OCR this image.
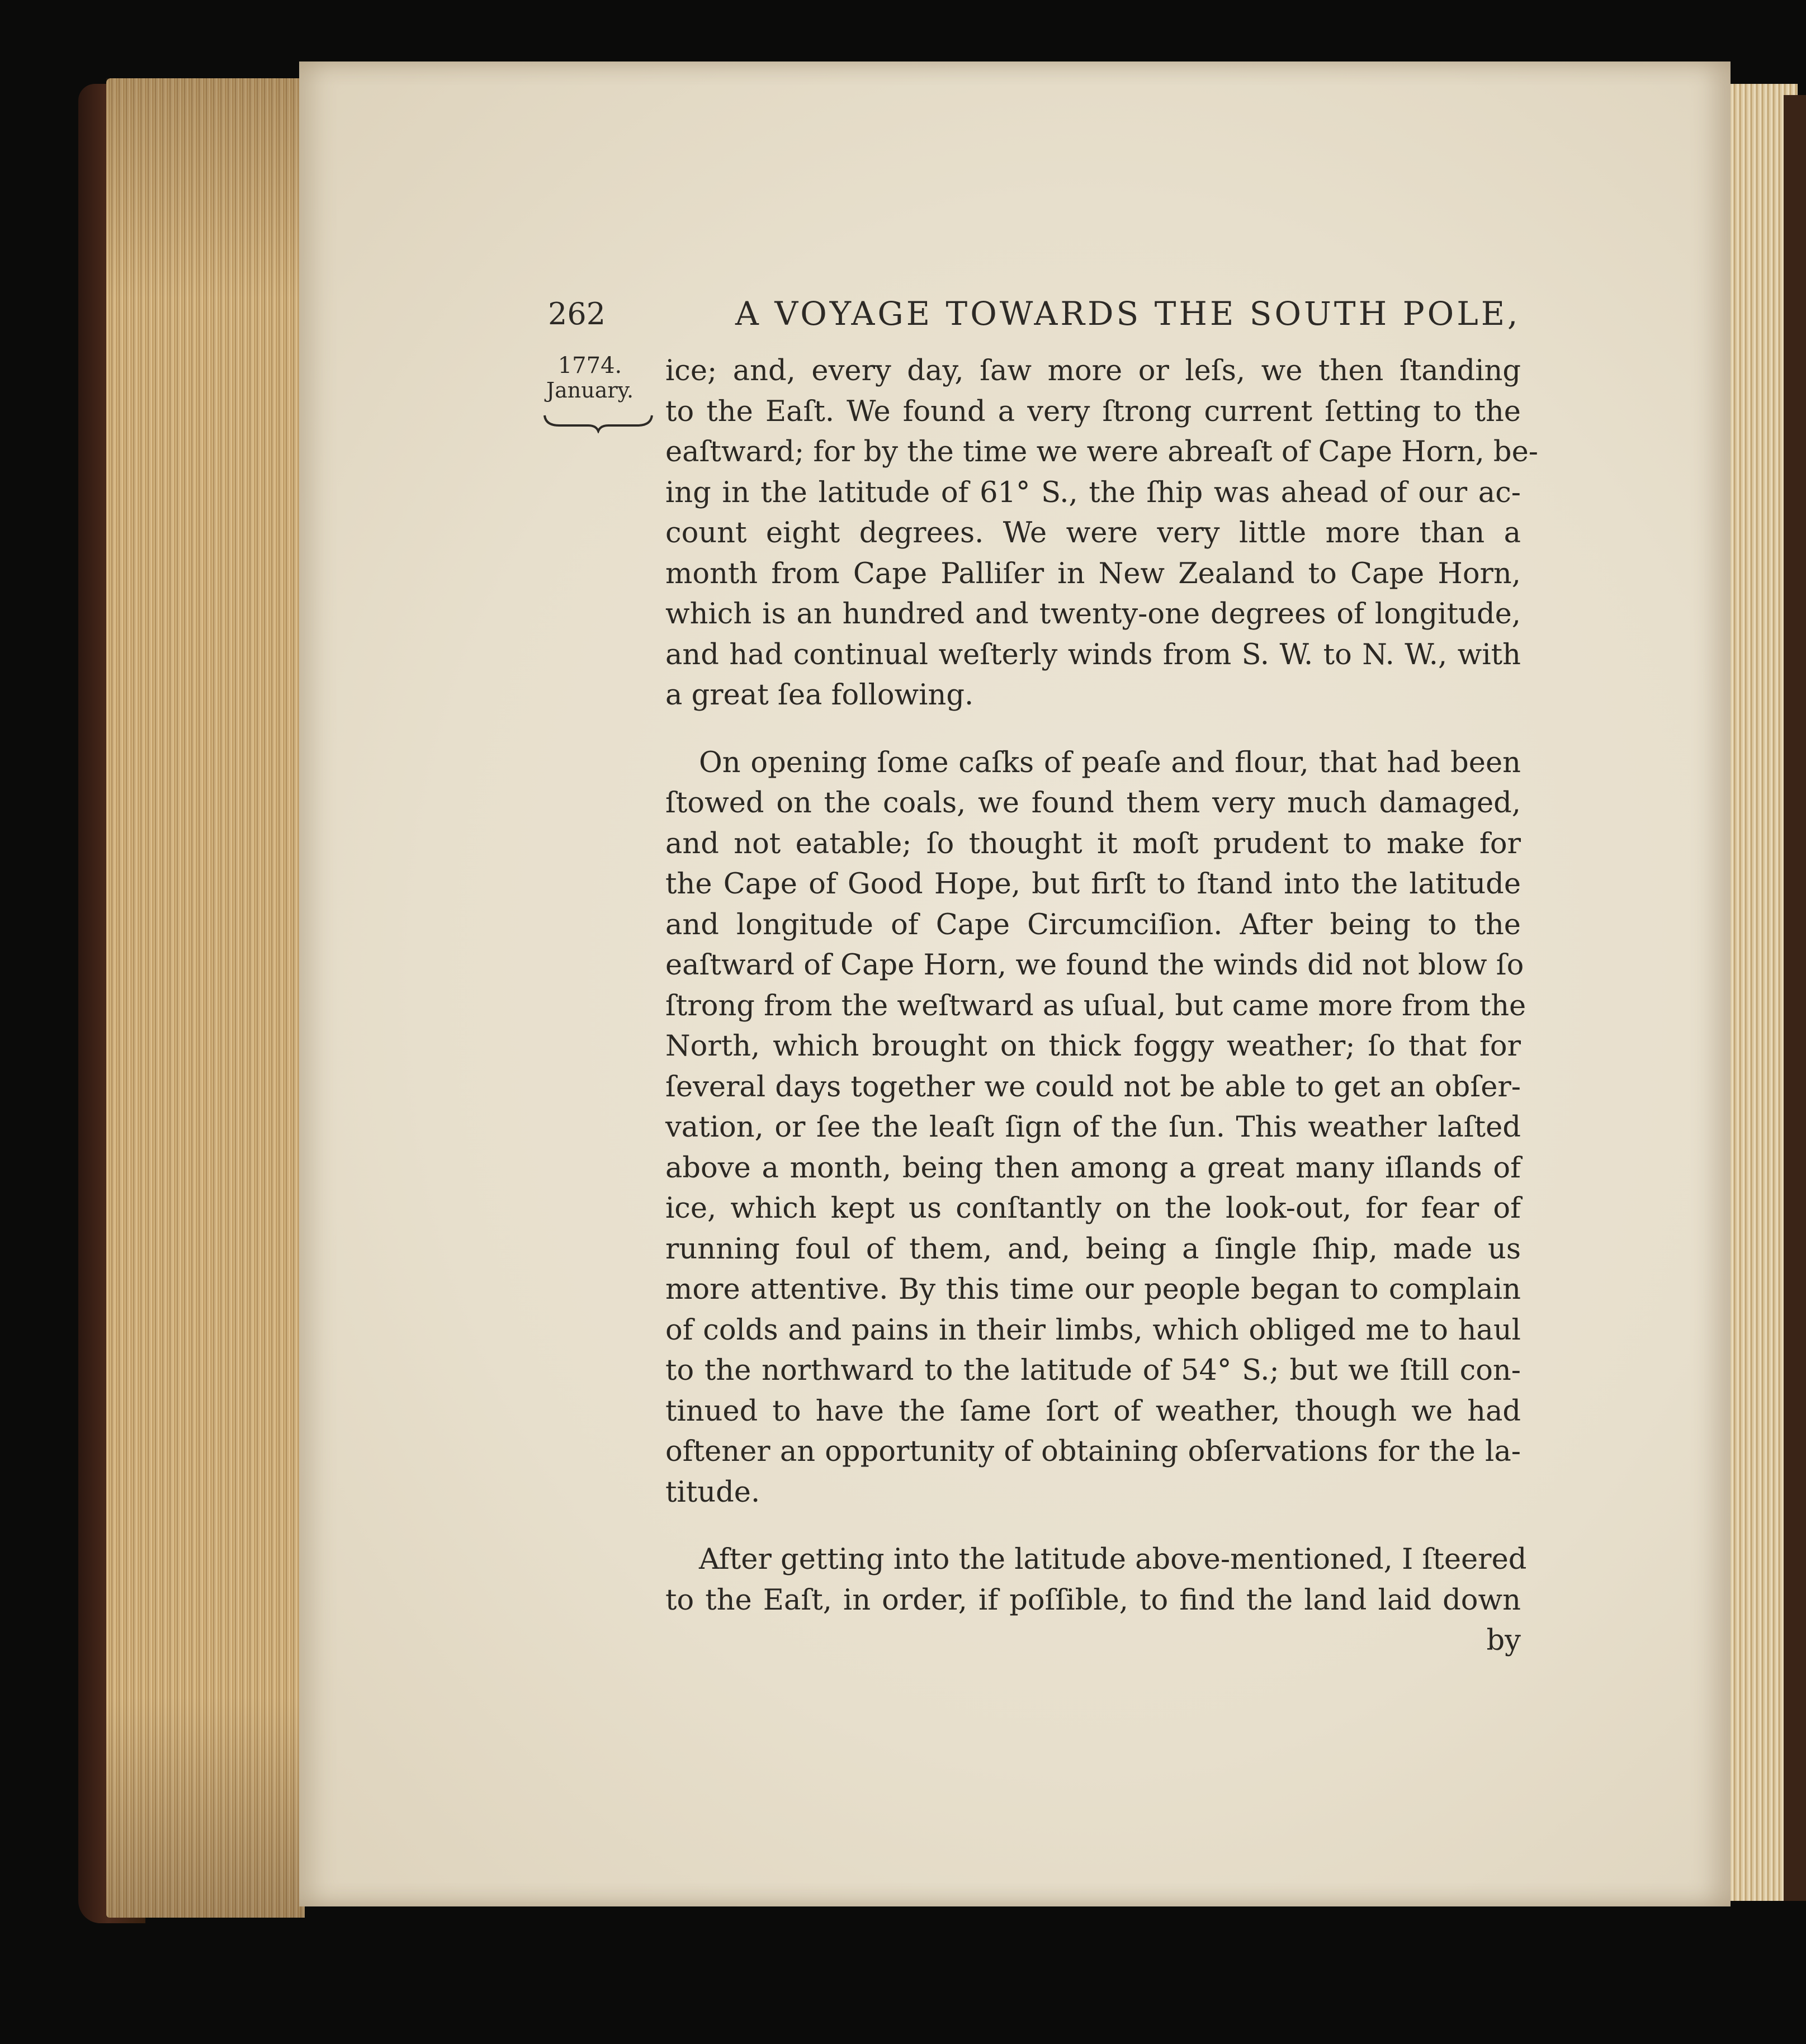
262	A VOYAGE TOWARDS THE SOUTH POLE,
1774.
January.
ice; and, every day, ſaw more or leſs, we then ſtanding
to the Eaſt. We found a very ſtrong current ſetting to the
eaſtward; for by the time we were abreaſt of Cape Horn, be-
ing in the latitude of 61° S., the ſhip was ahead of our ac-
count eight degrees. We were very little more than a
month from Cape Palliſer in New Zealand to Cape Horn,
which is an hundred and twenty-one degrees of longitude,
and had continual weſterly winds from S. W. to N. W., with
a great ſea following.
On opening ſome caſks of peaſe and flour, that had been
ſtowed on the coals, we found them very much damaged,
and not eatable; ſo thought it moſt prudent to make for
the Cape of Good Hope, but firſt to ſtand into the latitude
and longitude of Cape Circumciſion. After being to the
eaſtward of Cape Horn, we found the winds did not blow ſo
ſtrong from the weſtward as uſual, but came more from the
North, which brought on thick foggy weather; ſo that for
ſeveral days together we could not be able to get an obſer-
vation, or ſee the leaſt ſign of the ſun. This weather laſted
above a month, being then among a great many iſlands of
ice, which kept us conſtantly on the look-out, for fear of
running foul of them, and, being a ſingle ſhip, made us
more attentive. By this time our people began to complain
of colds and pains in their limbs, which obliged me to haul
to the northward to the latitude of 54° S.; but we ſtill con-
tinued to have the ſame ſort of weather, though we had
oftener an opportunity of obtaining obſervations for the la-
titude.
After getting into the latitude above-mentioned, I ſteered
to the Eaſt, in order, if poſſible, to find the land laid down
by
